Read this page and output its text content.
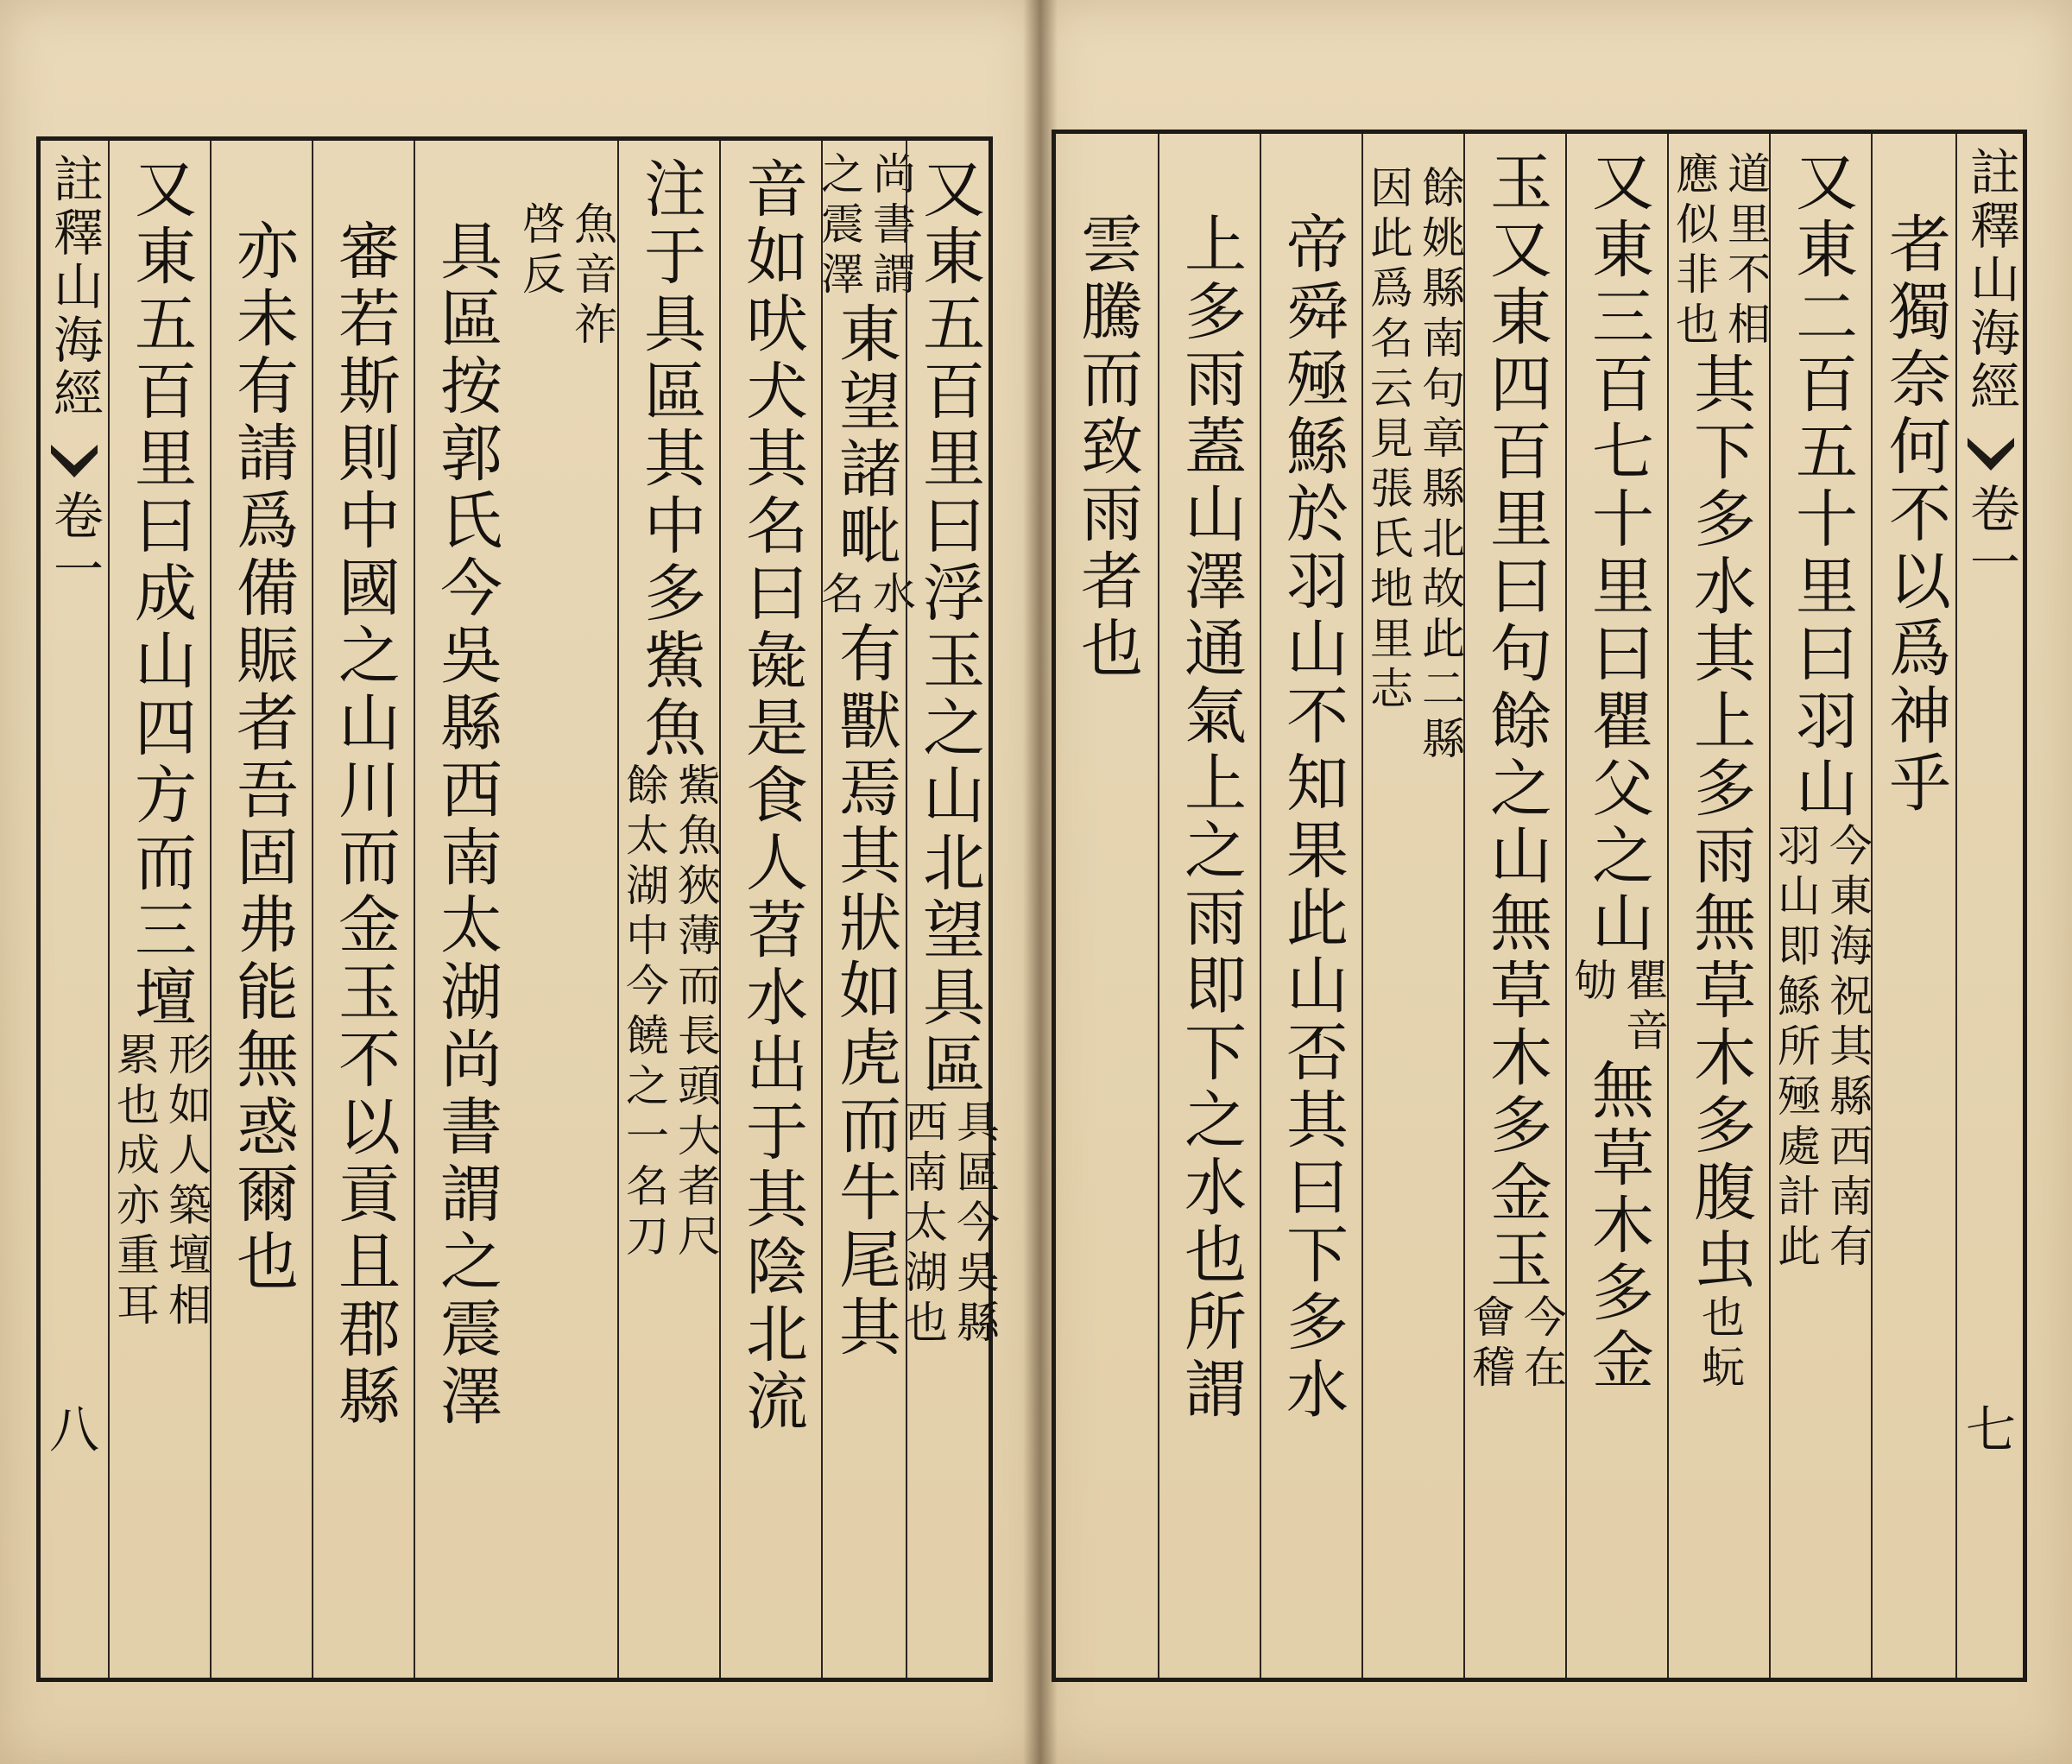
註釋山海經
卷一
八
又東五百里曰成山四方而三壇
形如人築壇相
累也成亦重耳 亦未有請爲備賑者吾固弗能無惑爾也 審若斯則中國之山川而金玉不以貢且郡縣 具區按郭氏今吳縣西南太湖尚書謂之震澤 魚音祚
啓反 注于具區其中多鮆魚
鮆魚狹薄而長頭大者尺
餘太湖中今饒之一名刀 音如吠犬其名曰彘是食人苕水出于其陰北流 尚書謂
之震澤
東望諸毗
水
名
有獸焉其狀如虎而牛尾其 又東五百里曰浮玉之山北望具區
具區今吳縣
西南太湖也
雲騰而致雨者也 上多雨蓋山澤通氣上之雨即下之水也所謂 帝舜殛鯀於羽山不知果此山否其曰下多水 餘姚縣南句章縣北故此二縣
因此爲名云見張氏地里志 玉又東四百里曰句餘之山無草木多金玉
今在
會稽
又東三百七十里曰瞿父之山
瞿音
劬
無草木多金
道里不相
應似非也
其下多水其上多雨無草木多腹虫
也蚖
又東二百五十里曰羽山
今東海祝其縣西南有
羽山即鯀所殛處計此
者獨奈何不以爲神乎 註釋山海經
卷一
七
